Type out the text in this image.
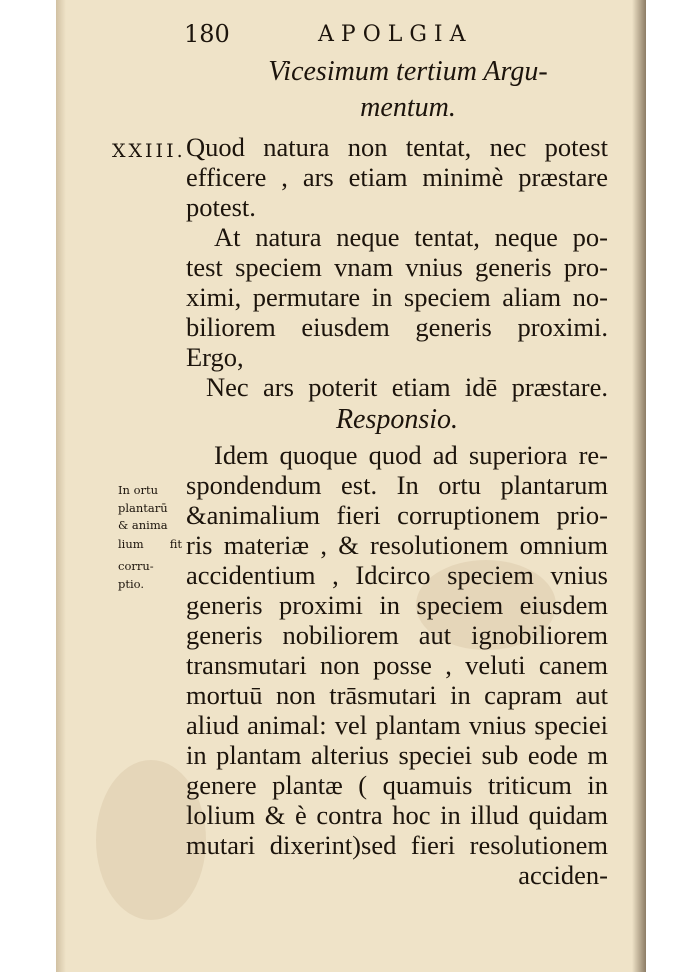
180	APOLGIA
Vicesimum tertium Argu-
mentum.
XXIII. Quod natura non tentat, nec potest
efficere , ars etiam minimè præstare
potest.
At natura neque tentat, neque po-
test speciem vnam vnius generis pro-
ximi, permutare in speciem aliam no-
biliorem eiusdem generis proximi.
Ergo,
Nec ars poterit etiam idē præstare.
Responsio.
Idem quoque quod ad superiora re-
spondendum est. In ortu plantarum
&animalium fieri corruptionem prio-
ris materiæ , & resolutionem omnium
accidentium , Idcirco speciem vnius
generis proximi in speciem eiusdem
generis nobiliorem aut ignobiliorem
transmutari non posse , veluti canem
mortuū non trāsmutari in capram aut
aliud animal: vel plantam vnius speciei
in plantam alterius speciei sub eode m
genere plantæ ( quamuis triticum in
lolium & è contra hoc in illud quidam
mutari dixerint)sed fieri resolutionem
acciden-
In ortu
plantarū
& anima
lium fit
corru-
ptio.
